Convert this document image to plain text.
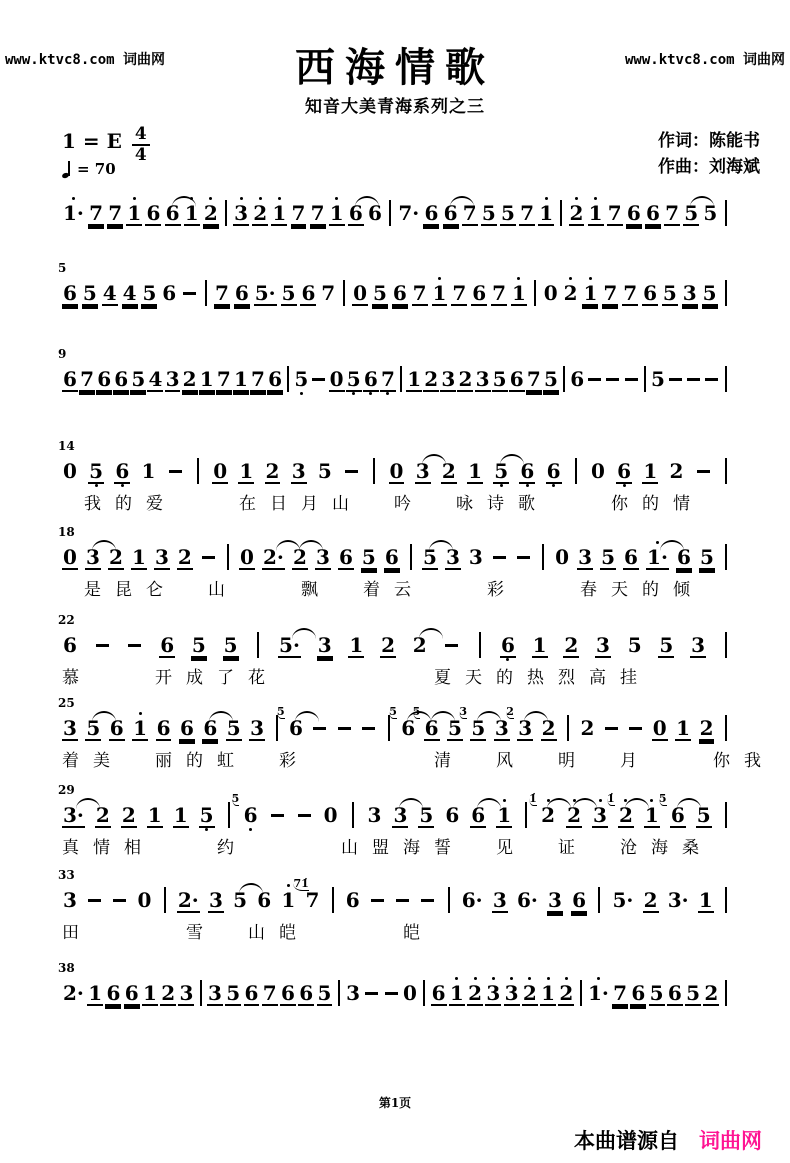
www.ktvc8.com 词曲网	www.ktvc8.com 词曲网
西海情歌
知音大美青海系列之三
1 = E $\frac{4}{4}$
= 70
作词：陈能书
作曲：刘海斌
1· 7 7 1 6 6 1 2 3 2 1 7 7 1 6 6 7· 6 6 7 5 5 7 1 2 1 7 6 6 7 5 5
5
6 5 4 4 5 6 7 6 5· 5 6 7 0 5 6 7 1 7 6 7 1 0 2 1 7 7 6 5 3 5
9
6 7 6 6 5 4 3 2 1 7 1 7 6 5 0 5 6 7 1 2 3 2 3 5 6 7 5 6	5
14
0 5 6 1	0 1 2 3 5	0 3 2 1 5 6 6 0 6 1 2
我的爱　　在日月山　吟　咏诗歌　　你的情
18
0 3 2 1 3 2 0 2· 2 3 6 5 6 5 3 3	0 3 5 6 1· 6 5
是昆仑　山　　飘　着云　　彩　　春天的倾
22
6	6 5 5 5· 3 1 2 2	6 1 2 3 5 5 3
慕　　开成了花　　　　　夏天的热烈高挂
25
3 5 6 1 6 6 6 5 3 6
5
6
5
6
5
5 5
3
3 3
2
2 2	0 1 2
着美　丽的虹　彩　　　　清　风　明　月　　你我
29
3· 2 2 1 1 5 6
5
0 3 3 5 6 6 1 2
1̇
2 3 2
1̇
1 6
5
5
真情相　　约　　　山盟海誓　见　证　沧海桑
33
3	0 2· 3 5 6 1 7
71̇
6	6· 3 6· 3 6 5· 2 3· 1
田　　　雪　山皑　　　皑
38
2· 1 6 6 1 2 3 3 5 6 7 6 6 5 3 0 6 1 2 3 3 2 1 2 1· 7 6 5 6 5 2
第1页
本曲谱源自 词曲网
